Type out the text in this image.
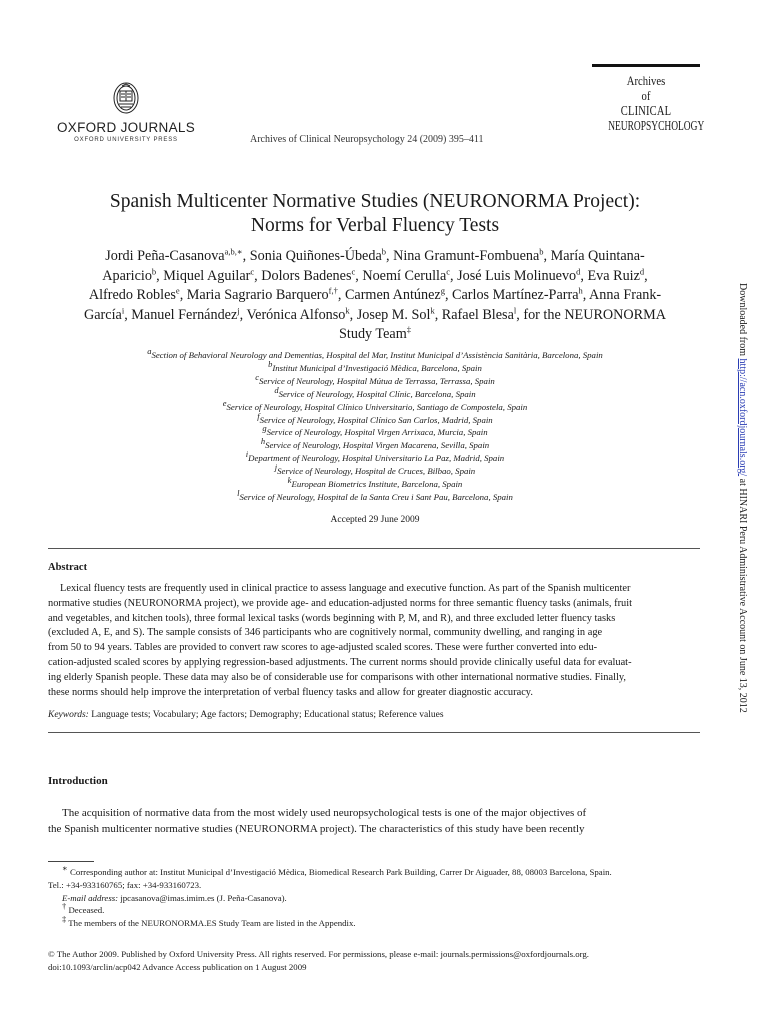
OXFORD JOURNALS
OXFORD UNIVERSITY PRESS	Archives of Clinical Neuropsychology 24 (2009) 395–411
Archives
of
CLINICAL
NEUROPSYCHOLOGY
Spanish Multicenter Normative Studies (NEURONORMA Project):
Norms for Verbal Fluency Tests
Jordi Peña-Casanova$^{a,b,∗}$, Sonia Quiñones-Úbeda$^b$, Nina Gramunt-Fombuena$^b$, María Quintana-
Aparicio$^b$, Miquel Aguilar$^c$, Dolors Badenes$^c$, Noemí Cerulla$^c$, José Luis Molinuevo$^d$, Eva Ruiz$^d$,
Alfredo Robles$^e$, Maria Sagrario Barquero$^{f,\dagger}$, Carmen Antúnez$^g$, Carlos Martínez-Parra$^h$, Anna Frank-
García$^i$, Manuel Fernández$^j$, Verónica Alfonso$^k$, Josep M. Sol$^k$, Rafael Blesa$^l$, for the NEURONORMA
Study Team‡
$^a$Section of Behavioral Neurology and Dementias, Hospital del Mar, Institut Municipal d’Assistència Sanitària, Barcelona, Spain
$^b$Institut Municipal d’Investigació Mèdica, Barcelona, Spain
$^c$Service of Neurology, Hospital Mútua de Terrassa, Terrassa, Spain
$^d$Service of Neurology, Hospital Clínic, Barcelona, Spain
$^e$Service of Neurology, Hospital Clínico Universitario, Santiago de Compostela, Spain
$^f$Service of Neurology, Hospital Clínico San Carlos, Madrid, Spain
$^g$Service of Neurology, Hospital Virgen Arrixaca, Murcia, Spain
$^h$Service of Neurology, Hospital Virgen Macarena, Sevilla, Spain
$^i$Department of Neurology, Hospital Universitario La Paz, Madrid, Spain
$^j$Service of Neurology, Hospital de Cruces, Bilbao, Spain
$^k$European Biometrics Institute, Barcelona, Spain
$^l$Service of Neurology, Hospital de la Santa Creu i Sant Pau, Barcelona, Spain
Accepted 29 June 2009
Abstract
Lexical fluency tests are frequently used in clinical practice to assess language and executive function. As part of the Spanish multicenter
normative studies (NEURONORMA project), we provide age- and education-adjusted norms for three semantic fluency tasks (animals, fruit
and vegetables, and kitchen tools), three formal lexical tasks (words beginning with P, M, and R), and three excluded letter fluency tasks
(excluded A, E, and S). The sample consists of 346 participants who are cognitively normal, community dwelling, and ranging in age
from 50 to 94 years. Tables are provided to convert raw scores to age-adjusted scaled scores. These were further converted into edu-
cation-adjusted scaled scores by applying regression-based adjustments. The current norms should provide clinically useful data for evaluat-
ing elderly Spanish people. These data may also be of considerable use for comparisons with other international normative studies. Finally,
these norms should help improve the interpretation of verbal fluency tasks and allow for greater diagnostic accuracy.
Keywords: Language tests; Vocabulary; Age factors; Demography; Educational status; Reference values
Introduction
The acquisition of normative data from the most widely used neuropsychological tests is one of the major objectives of
the Spanish multicenter normative studies (NEURONORMA project). The characteristics of this study have been recently
∗ Corresponding author at: Institut Municipal d’Investigació Mèdica, Biomedical Research Park Building, Carrer Dr Aiguader, 88, 08003 Barcelona, Spain.
Tel.: +34-933160765; fax: +34-933160723.
E-mail address: jpcasanova@imas.imim.es (J. Peña-Casanova).
† Deceased.
‡ The members of the NEURONORMA.ES Study Team are listed in the Appendix.
© The Author 2009. Published by Oxford University Press. All rights reserved. For permissions, please e-mail: journals.permissions@oxfordjournals.org.
doi:10.1093/arclin/acp042 Advance Access publication on 1 August 2009
Downloaded from http://acn.oxfordjournals.org/ at HINARI Peru Administrative Account on June 13, 2012
